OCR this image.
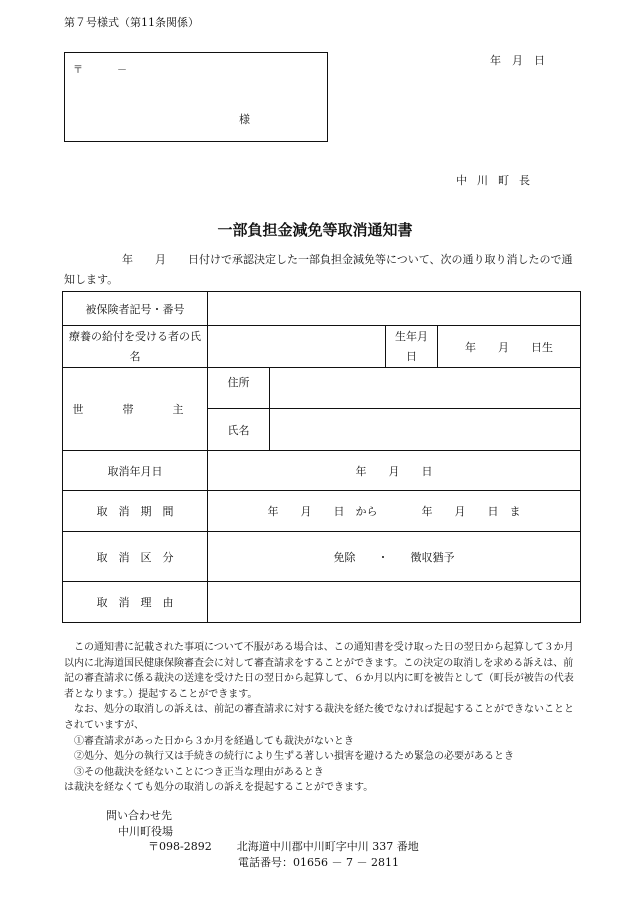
第７号様式（第11条関係）
〒	－
様
年　月　日
中川町長
一部負担金減免等取消通知書
年　　月　　日付けで承認決定した一部負担金減免等について、次の通り取り消したので通知します。
被保険者記号・番号				
療養の給付を受ける者の氏名			生年月日	年　　月　　日生
世　帯　主	住所			
	氏名			
取消年月日	年　　月　　日			
取　消　期　間	年　　月　　日　から　　　　年　　月　　日　ま			
取　消　区　分	免除　　・　　徴収猶予			
取　消　理　由				

この通知書に記載された事項について不服がある場合は、この通知書を受け取った日の翌日から起算して３か月以内に北海道国民健康保険審査会に対して審査請求をすることができます。この決定の取消しを求める訴えは、前記の審査請求に係る裁決の送達を受けた日の翌日から起算して、６か月以内に町を被告として（町長が被告の代表者となります。）提起することができます。

なお、処分の取消しの訴えは、前記の審査請求に対する裁決を経た後でなければ提起することができないこととされていますが、

①審査請求があった日から３か月を経過しても裁決がないとき

②処分、処分の執行又は手続きの続行により生ずる著しい損害を避けるため緊急の必要があるとき

③その他裁決を経ないことにつき正当な理由があるとき

は裁決を経なくても処分の取消しの訴えを提起することができます。

問い合わせ先
中川町役場
〒098-2892 北海道中川郡中川町字中川 337 番地
電話番号：01656 － 7 － 2811
